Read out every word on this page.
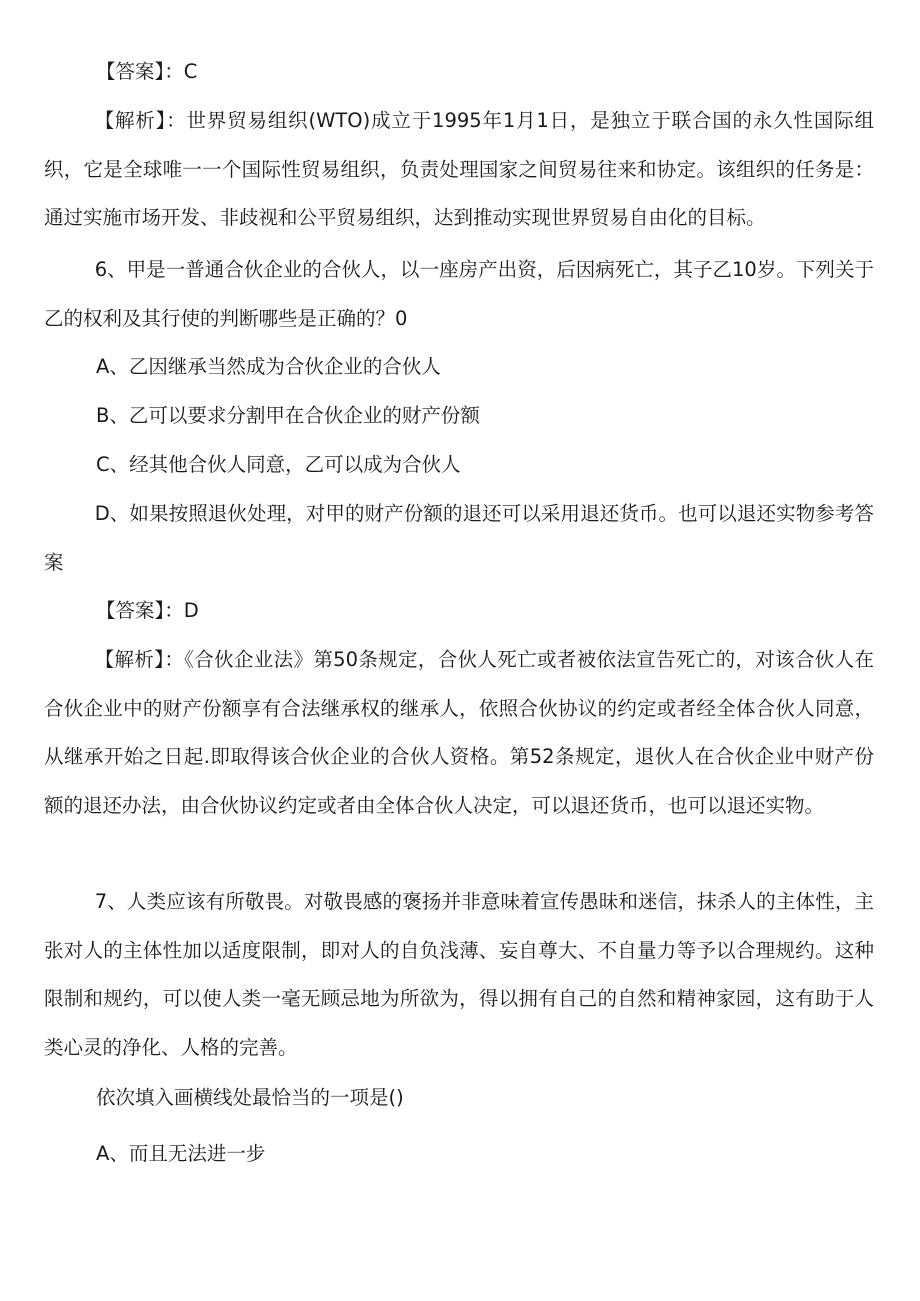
【答案】：C

【解析】：世界贸易组织(WTO)成立于1995年1月1日，是独立于联合国的永久性国际组织，它是全球唯一一个国际性贸易组织，负责处理国家之间贸易往来和协定。该组织的任务是：通过实施市场开发、非歧视和公平贸易组织，达到推动实现世界贸易自由化的目标。

6、甲是一普通合伙企业的合伙人，以一座房产出资，后因病死亡，其子乙10岁。下列关于乙的权利及其行使的判断哪些是正确的？0

A、乙因继承当然成为合伙企业的合伙人

B、乙可以要求分割甲在合伙企业的财产份额

C、经其他合伙人同意，乙可以成为合伙人

D、如果按照退伙处理，对甲的财产份额的退还可以采用退还货币。也可以退还实物参考答案

【答案】：D

【解析】：《合伙企业法》第50条规定，合伙人死亡或者被依法宣告死亡的，对该合伙人在合伙企业中的财产份额享有合法继承权的继承人，依照合伙协议的约定或者经全体合伙人同意，从继承开始之日起.即取得该合伙企业的合伙人资格。第52条规定，退伙人在合伙企业中财产份额的退还办法，由合伙协议约定或者由全体合伙人决定，可以退还货币，也可以退还实物。

7、人类应该有所敬畏。对敬畏感的褒扬并非意味着宣传愚昧和迷信，抹杀人的主体性，主张对人的主体性加以适度限制，即对人的自负浅薄、妄自尊大、不自量力等予以合理规约。这种限制和规约，可以使人类一毫无顾忌地为所欲为，得以拥有自己的自然和精神家园，这有助于人类心灵的净化、人格的完善。

依次填入画横线处最恰当的一项是()

A、而且无法进一步
